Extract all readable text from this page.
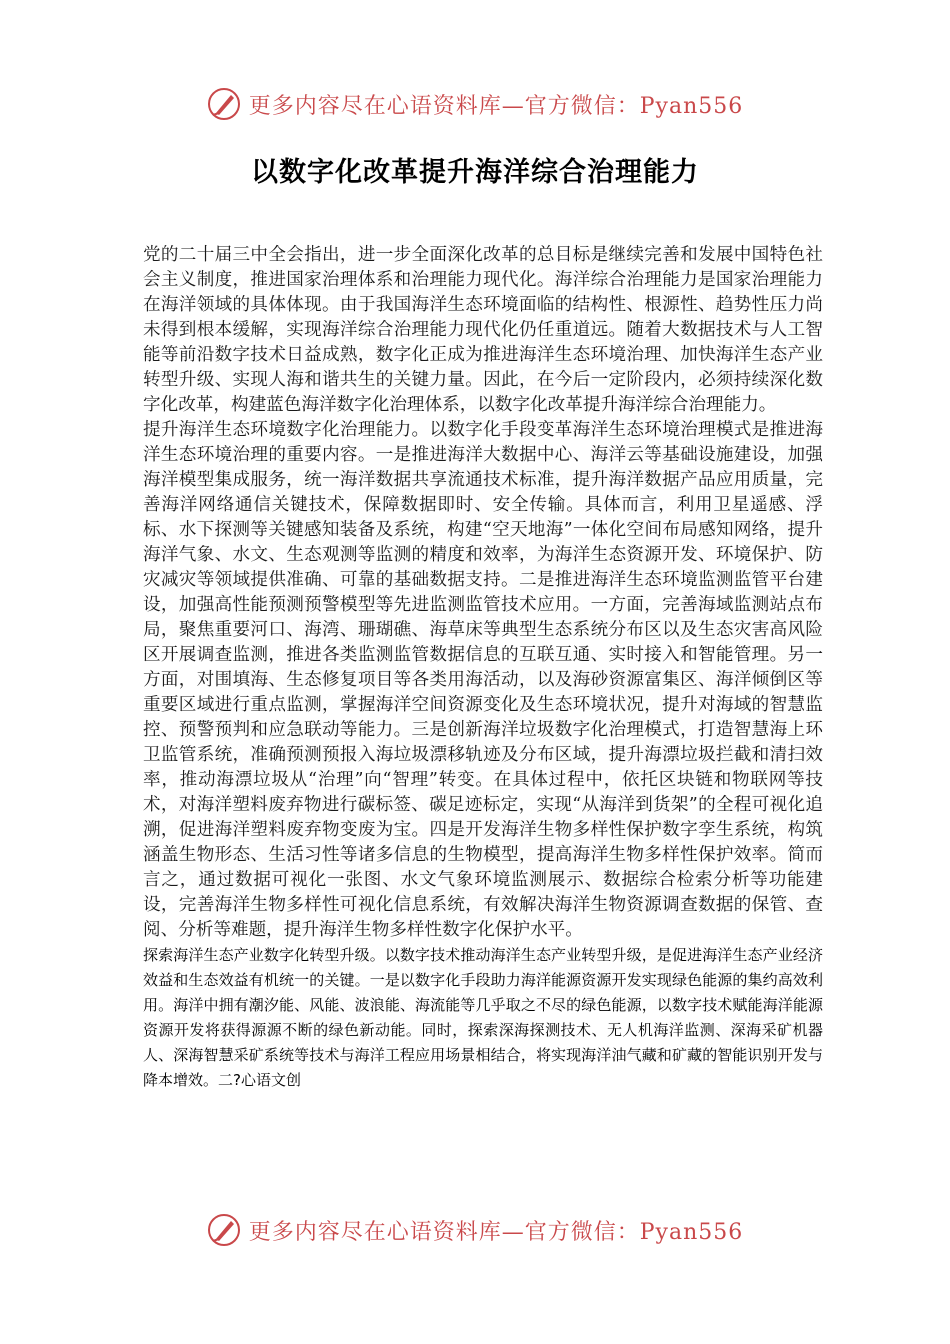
更多内容尽在心语资料库—官方微信：Pyan556
以数字化改革提升海洋综合治理能力

党的二十届三中全会指出，进一步全面深化改革的总目标是继续完善和发展中国特色社会主义制度，推进国家治理体系和治理能力现代化。海洋综合治理能力是国家治理能力在海洋领域的具体体现。由于我国海洋生态环境面临的结构性、根源性、趋势性压力尚未得到根本缓解，实现海洋综合治理能力现代化仍任重道远。随着大数据技术与人工智能等前沿数字技术日益成熟，数字化正成为推进海洋生态环境治理、加快海洋生态产业转型升级、实现人海和谐共生的关键力量。因此，在今后一定阶段内，必须持续深化数字化改革，构建蓝色海洋数字化治理体系，以数字化改革提升海洋综合治理能力。

提升海洋生态环境数字化治理能力。以数字化手段变革海洋生态环境治理模式是推进海洋生态环境治理的重要内容。一是推进海洋大数据中心、海洋云等基础设施建设，加强海洋模型集成服务，统一海洋数据共享流通技术标准，提升海洋数据产品应用质量，完善海洋网络通信关键技术，保障数据即时、安全传输。具体而言，利用卫星遥感、浮标、水下探测等关键感知装备及系统，构建“空天地海”一体化空间布局感知网络，提升海洋气象、水文、生态观测等监测的精度和效率，为海洋生态资源开发、环境保护、防灾减灾等领域提供准确、可靠的基础数据支持。二是推进海洋生态环境监测监管平台建设，加强高性能预测预警模型等先进监测监管技术应用。一方面，完善海域监测站点布局，聚焦重要河口、海湾、珊瑚礁、海草床等典型生态系统分布区以及生态灾害高风险区开展调查监测，推进各类监测监管数据信息的互联互通、实时接入和智能管理。另一方面，对围填海、生态修复项目等各类用海活动，以及海砂资源富集区、海洋倾倒区等重要区域进行重点监测，掌握海洋空间资源变化及生态环境状况，提升对海域的智慧监控、预警预判和应急联动等能力。三是创新海洋垃圾数字化治理模式，打造智慧海上环卫监管系统，准确预测预报入海垃圾漂移轨迹及分布区域，提升海漂垃圾拦截和清扫效率，推动海漂垃圾从“治理”向“智理”转变。在具体过程中，依托区块链和物联网等技术，对海洋塑料废弃物进行碳标签、碳足迹标定，实现“从海洋到货架”的全程可视化追溯，促进海洋塑料废弃物变废为宝。四是开发海洋生物多样性保护数字孪生系统，构筑涵盖生物形态、生活习性等诸多信息的生物模型，提高海洋生物多样性保护效率。简而言之，通过数据可视化一张图、水文气象环境监测展示、数据综合检索分析等功能建设，完善海洋生物多样性可视化信息系统，有效解决海洋生物资源调查数据的保管、查阅、分析等难题，提升海洋生物多样性数字化保护水平。

探索海洋生态产业数字化转型升级。以数字技术推动海洋生态产业转型升级，是促进海洋生态产业经济效益和生态效益有机统一的关键。一是以数字化手段助力海洋能源资源开发实现绿色能源的集约高效利用。海洋中拥有潮汐能、风能、波浪能、海流能等几乎取之不尽的绿色能源，以数字技术赋能海洋能源资源开发将获得源源不断的绿色新动能。同时，探索深海探测技术、无人机海洋监测、深海采矿机器人、深海智慧采矿系统等技术与海洋工程应用场景相结合，将实现海洋油气藏和矿藏的智能识别开发与降本增效。二?心语文创

更多内容尽在心语资料库—官方微信：Pyan556
